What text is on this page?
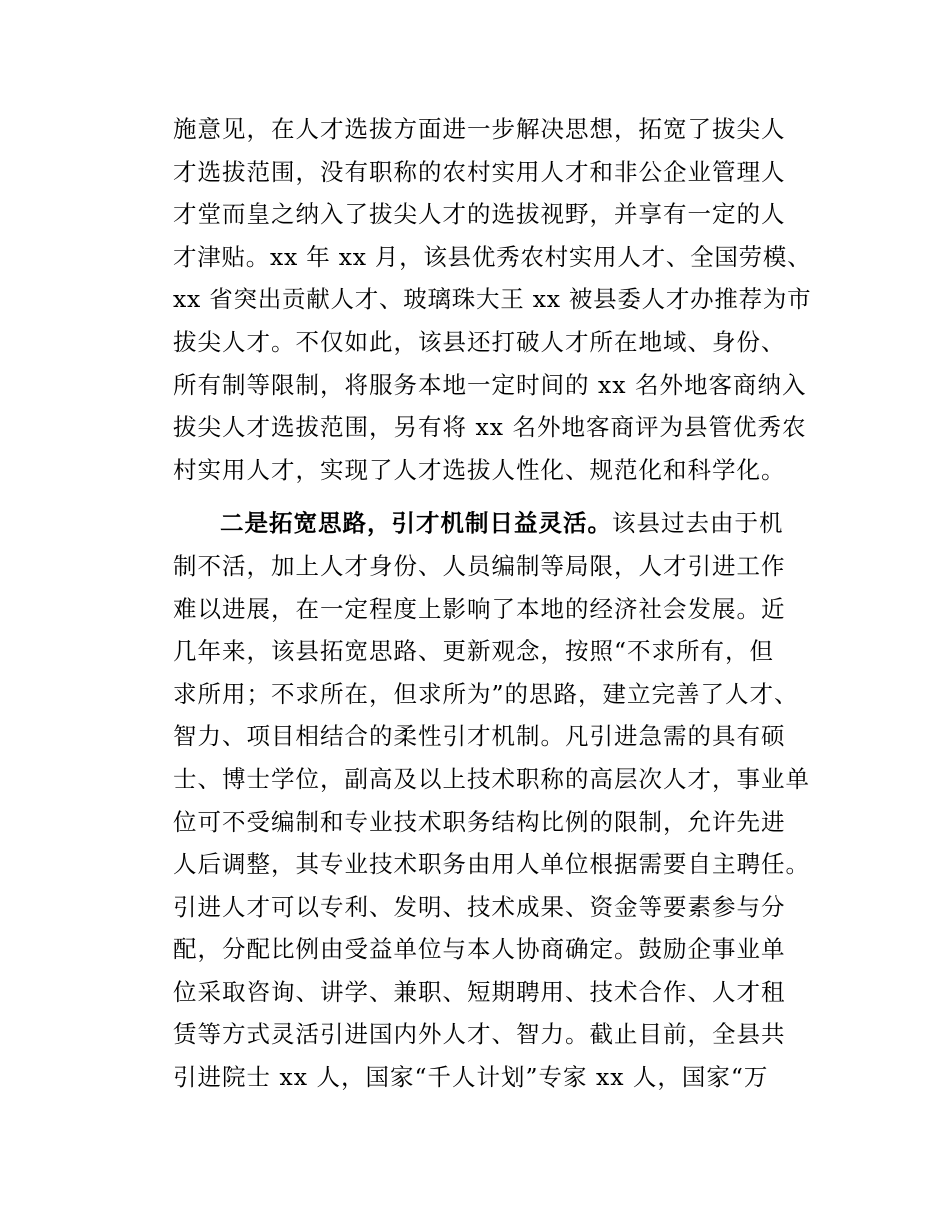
施意见，在人才选拔方面进一步解决思想，拓宽了拔尖人
才选拔范围，没有职称的农村实用人才和非公企业管理人
才堂而皇之纳入了拔尖人才的选拔视野，并享有一定的人
才津贴。xx 年 xx 月，该县优秀农村实用人才、全国劳模、
xx 省突出贡献人才、玻璃珠大王 xx 被县委人才办推荐为市
拔尖人才。不仅如此，该县还打破人才所在地域、身份、
所有制等限制，将服务本地一定时间的 xx 名外地客商纳入
拔尖人才选拔范围，另有将 xx 名外地客商评为县管优秀农
村实用人才，实现了人才选拔人性化、规范化和科学化。
二是拓宽思路，引才机制日益灵活。该县过去由于机
制不活，加上人才身份、人员编制等局限，人才引进工作
难以进展，在一定程度上影响了本地的经济社会发展。近
几年来，该县拓宽思路、更新观念，按照“不求所有，但
求所用；不求所在，但求所为”的思路，建立完善了人才、
智力、项目相结合的柔性引才机制。凡引进急需的具有硕
士、博士学位，副高及以上技术职称的高层次人才，事业单
位可不受编制和专业技术职务结构比例的限制，允许先进
人后调整，其专业技术职务由用人单位根据需要自主聘任。
引进人才可以专利、发明、技术成果、资金等要素参与分
配，分配比例由受益单位与本人协商确定。鼓励企事业单
位采取咨询、讲学、兼职、短期聘用、技术合作、人才租
赁等方式灵活引进国内外人才、智力。截止目前，全县共
引进院士 xx 人，国家“千人计划”专家 xx 人，国家“万
